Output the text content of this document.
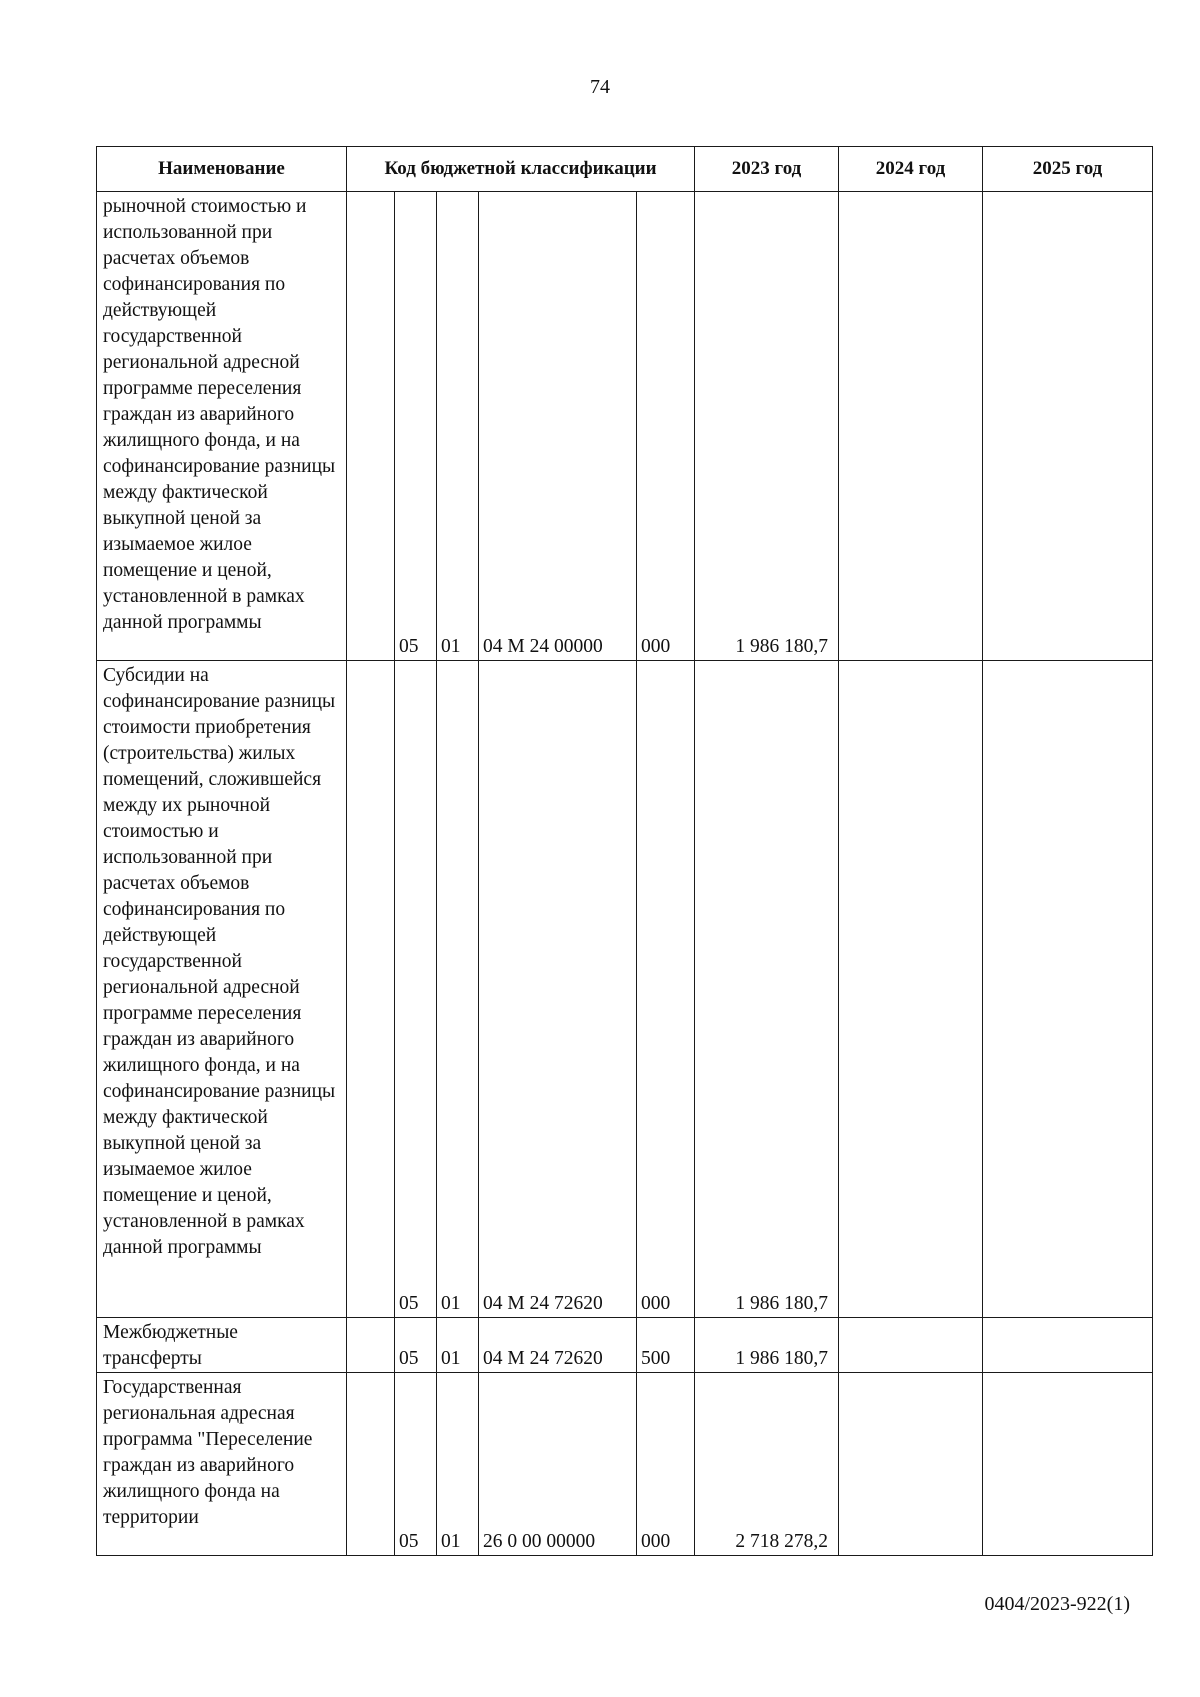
74
Наименование	Код бюджетной классификации					2023 год	2024 год	2025 год
рыночной стоимостью и использованной при расчетах объемов софинансирования по действующей государственной региональной адресной программе переселения граждан из аварийного жилищного фонда, и на софинансирование разницы между фактической выкупной ценой за изымаемое жилое помещение и ценой, установленной в рамках данной программы		05	01	04 М 24 00000	000	1 986 180,7		
Субсидии на софинансирование разницы стоимости приобретения (строительства) жилых помещений, сложившейся между их рыночной стоимостью и использованной при расчетах объемов софинансирования по действующей государственной региональной адресной программе переселения граждан из аварийного жилищного фонда, и на софинансирование разницы между фактической выкупной ценой за изымаемое жилое помещение и ценой, установленной в рамках данной программы		05	01	04 М 24 72620	000	1 986 180,7		
Межбюджетные трансферты		05	01	04 М 24 72620	500	1 986 180,7		
Государственная региональная адресная программа "Переселение граждан из аварийного жилищного фонда на территории		05	01	26 0 00 00000	000	2 718 278,2		
0404/2023-922(1)
